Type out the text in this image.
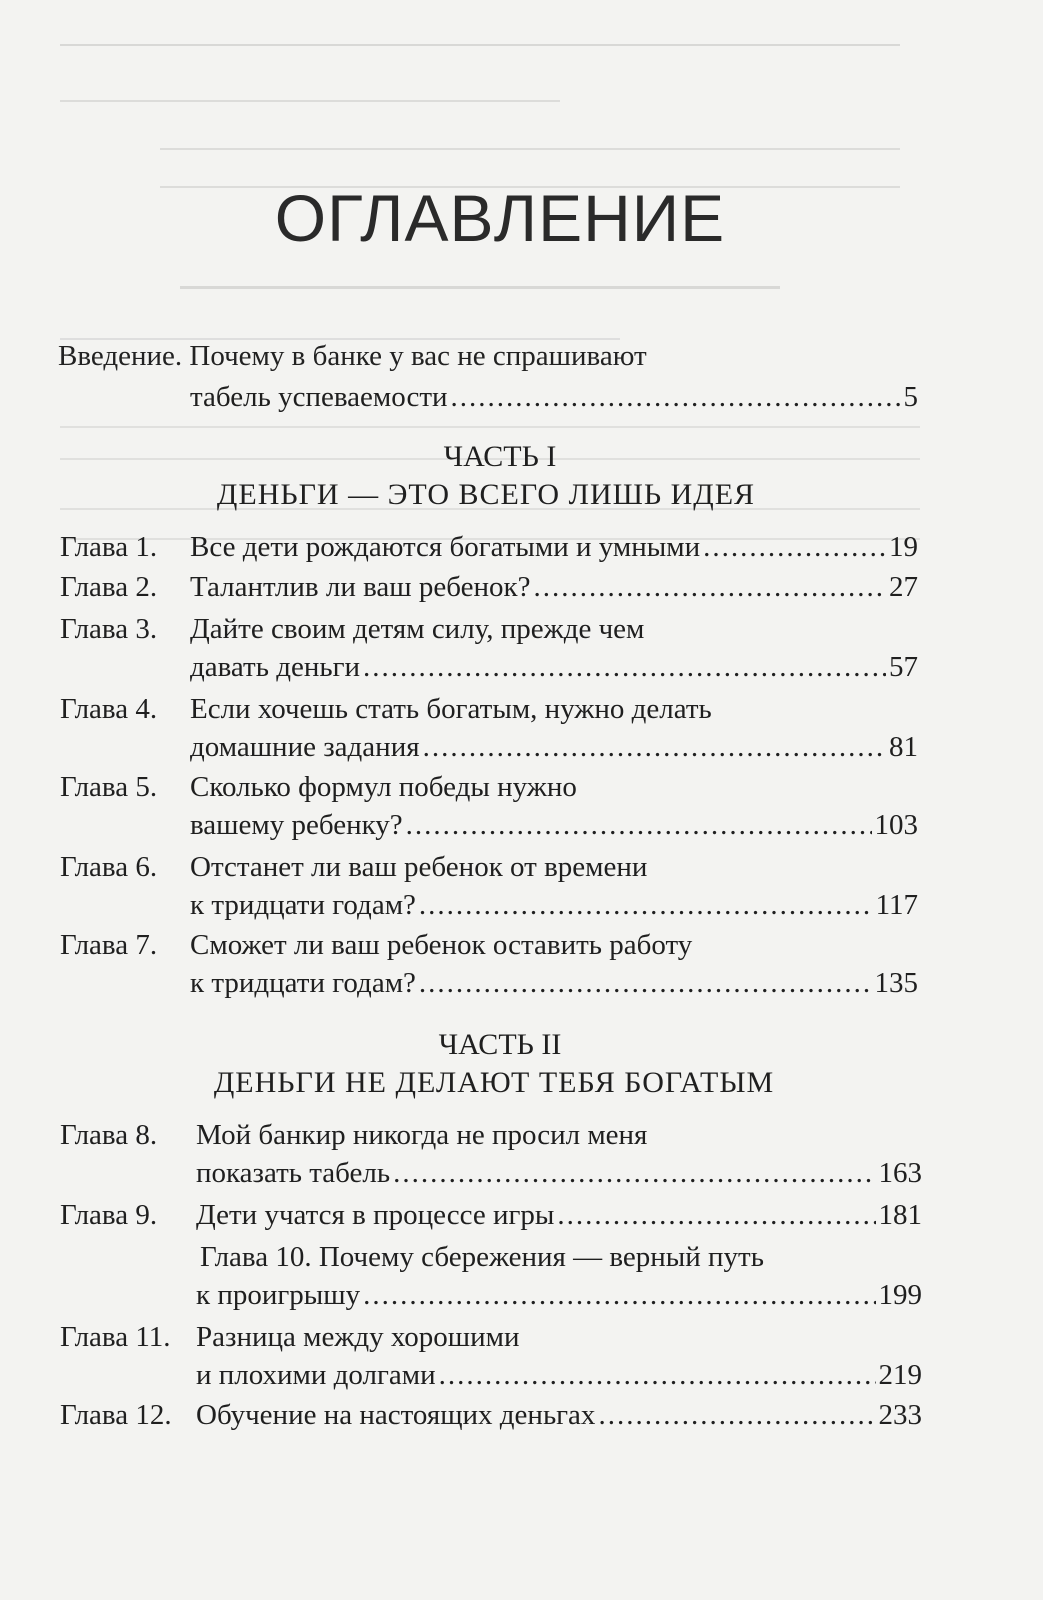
ОГЛАВЛЕНИЕ
Введение. Почему в банке у вас не спрашивают
табель успеваемости .....	5
ЧАСТЬ I
ДЕНЬГИ — ЭТО ВСЕГО ЛИШЬ ИДЕЯ
Глава 1. Все дети рождаются богатыми и умными .....	19
Глава 2. Талантлив ли ваш ребенок? .....	27
Глава 3. Дайте своим детям силу, прежде чем
давать деньги .....	57
Глава 4. Если хочешь стать богатым, нужно делать
домашние задания .....	81
Глава 5. Сколько формул победы нужно
вашему ребенку? .....	103
Глава 6. Отстанет ли ваш ребенок от времени
к тридцати годам? .....	117
Глава 7. Сможет ли ваш ребенок оставить работу
к тридцати годам? .....	135
ЧАСТЬ II
ДЕНЬГИ НЕ ДЕЛАЮТ ТЕБЯ БОГАТЫМ
Глава 8. Мой банкир никогда не просил меня
показать табель .....	163
Глава 9. Дети учатся в процессе игры .....	181
Глава 10. Почему сбережения — верный путь
к проигрышу .....	199
Глава 11. Разница между хорошими
и плохими долгами .....	219
Глава 12. Обучение на настоящих деньгах .....	233
